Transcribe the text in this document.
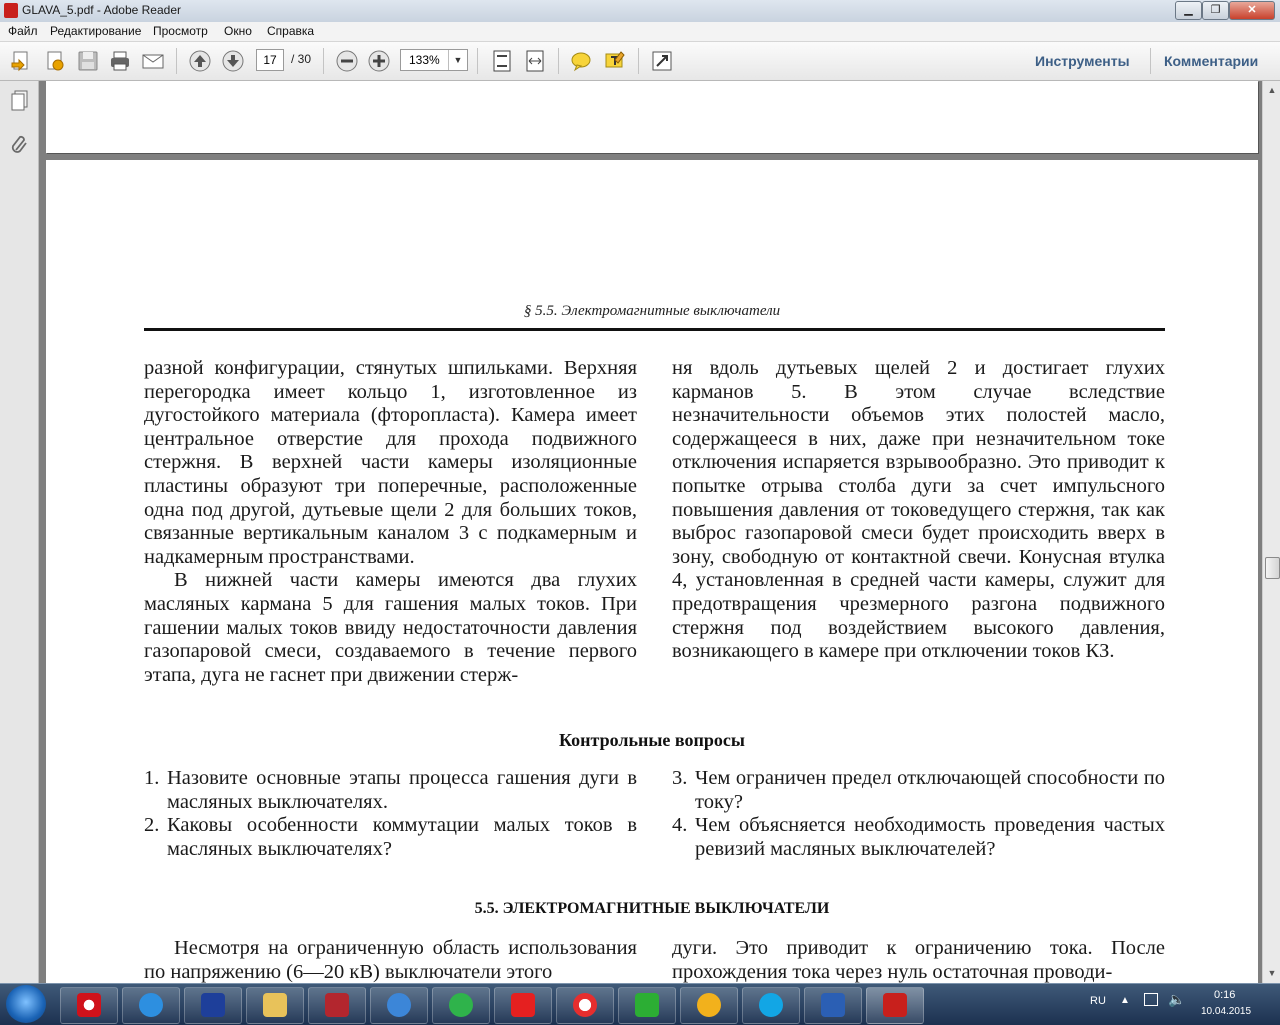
GLAVA_5.pdf - Adobe Reader	▁	❐	✕
Файл Редактирование Просмотр Окно Справка
17	/ 30	133%	▼	Инструменты Комментарии
§ 5.5. Электромагнитные выключатели

разной конфигурации, стянутых шпильками. Верхняя перегородка имеет кольцо 1, изготовленное из дугостойкого материала (фторопласта). Камера имеет центральное отверстие для прохода подвижного стержня. В верхней части камеры изоляционные пластины образуют три поперечные, расположенные одна под другой, дутьевые щели 2 для больших токов, связанные вертикальным каналом 3 с подкамерным и надкамерным пространствами.

В нижней части камеры имеются два глухих масляных кармана 5 для гашения малых токов. При гашении малых токов ввиду недостаточности давления газопаровой смеси, создаваемого в течение первого этапа, дуга не гаснет при движении стерж-

ня вдоль дутьевых щелей 2 и достигает глухих карманов 5. В этом случае вследствие незначительности объемов этих полостей масло, содержащееся в них, даже при незначительном токе отключения испаряется взрывообразно. Это приводит к попытке отрыва столба дуги за счет импульсного повышения давления от токоведущего стержня, так как выброс газопаровой смеси будет происходить вверх в зону, свободную от контактной свечи. Конусная втулка 4, установленная в средней части камеры, служит для предотвращения чрезмерного разгона подвижного стержня под воздействием высокого давления, возникающего в камере при отключении токов КЗ.

Контрольные вопросы
1. Назовите основные этапы процесса гашения дуги в масляных выключателях.
2. Каковы особенности коммутации малых токов в масляных выключателях?
3. Чем ограничен предел отключающей способности по току?
4. Чем объясняется необходимость проведения частых ревизий масляных выключателей?
5.5. ЭЛЕКТРОМАГНИТНЫЕ ВЫКЛЮЧАТЕЛИ

Несмотря на ограниченную область использования по напряжению (6—20 кВ) выключатели этого

дуги. Это приводит к ограничению тока. После прохождения тока через нуль остаточная проводи-

▲
▼
RU ▲	🔈	0:16
10.04.2015
